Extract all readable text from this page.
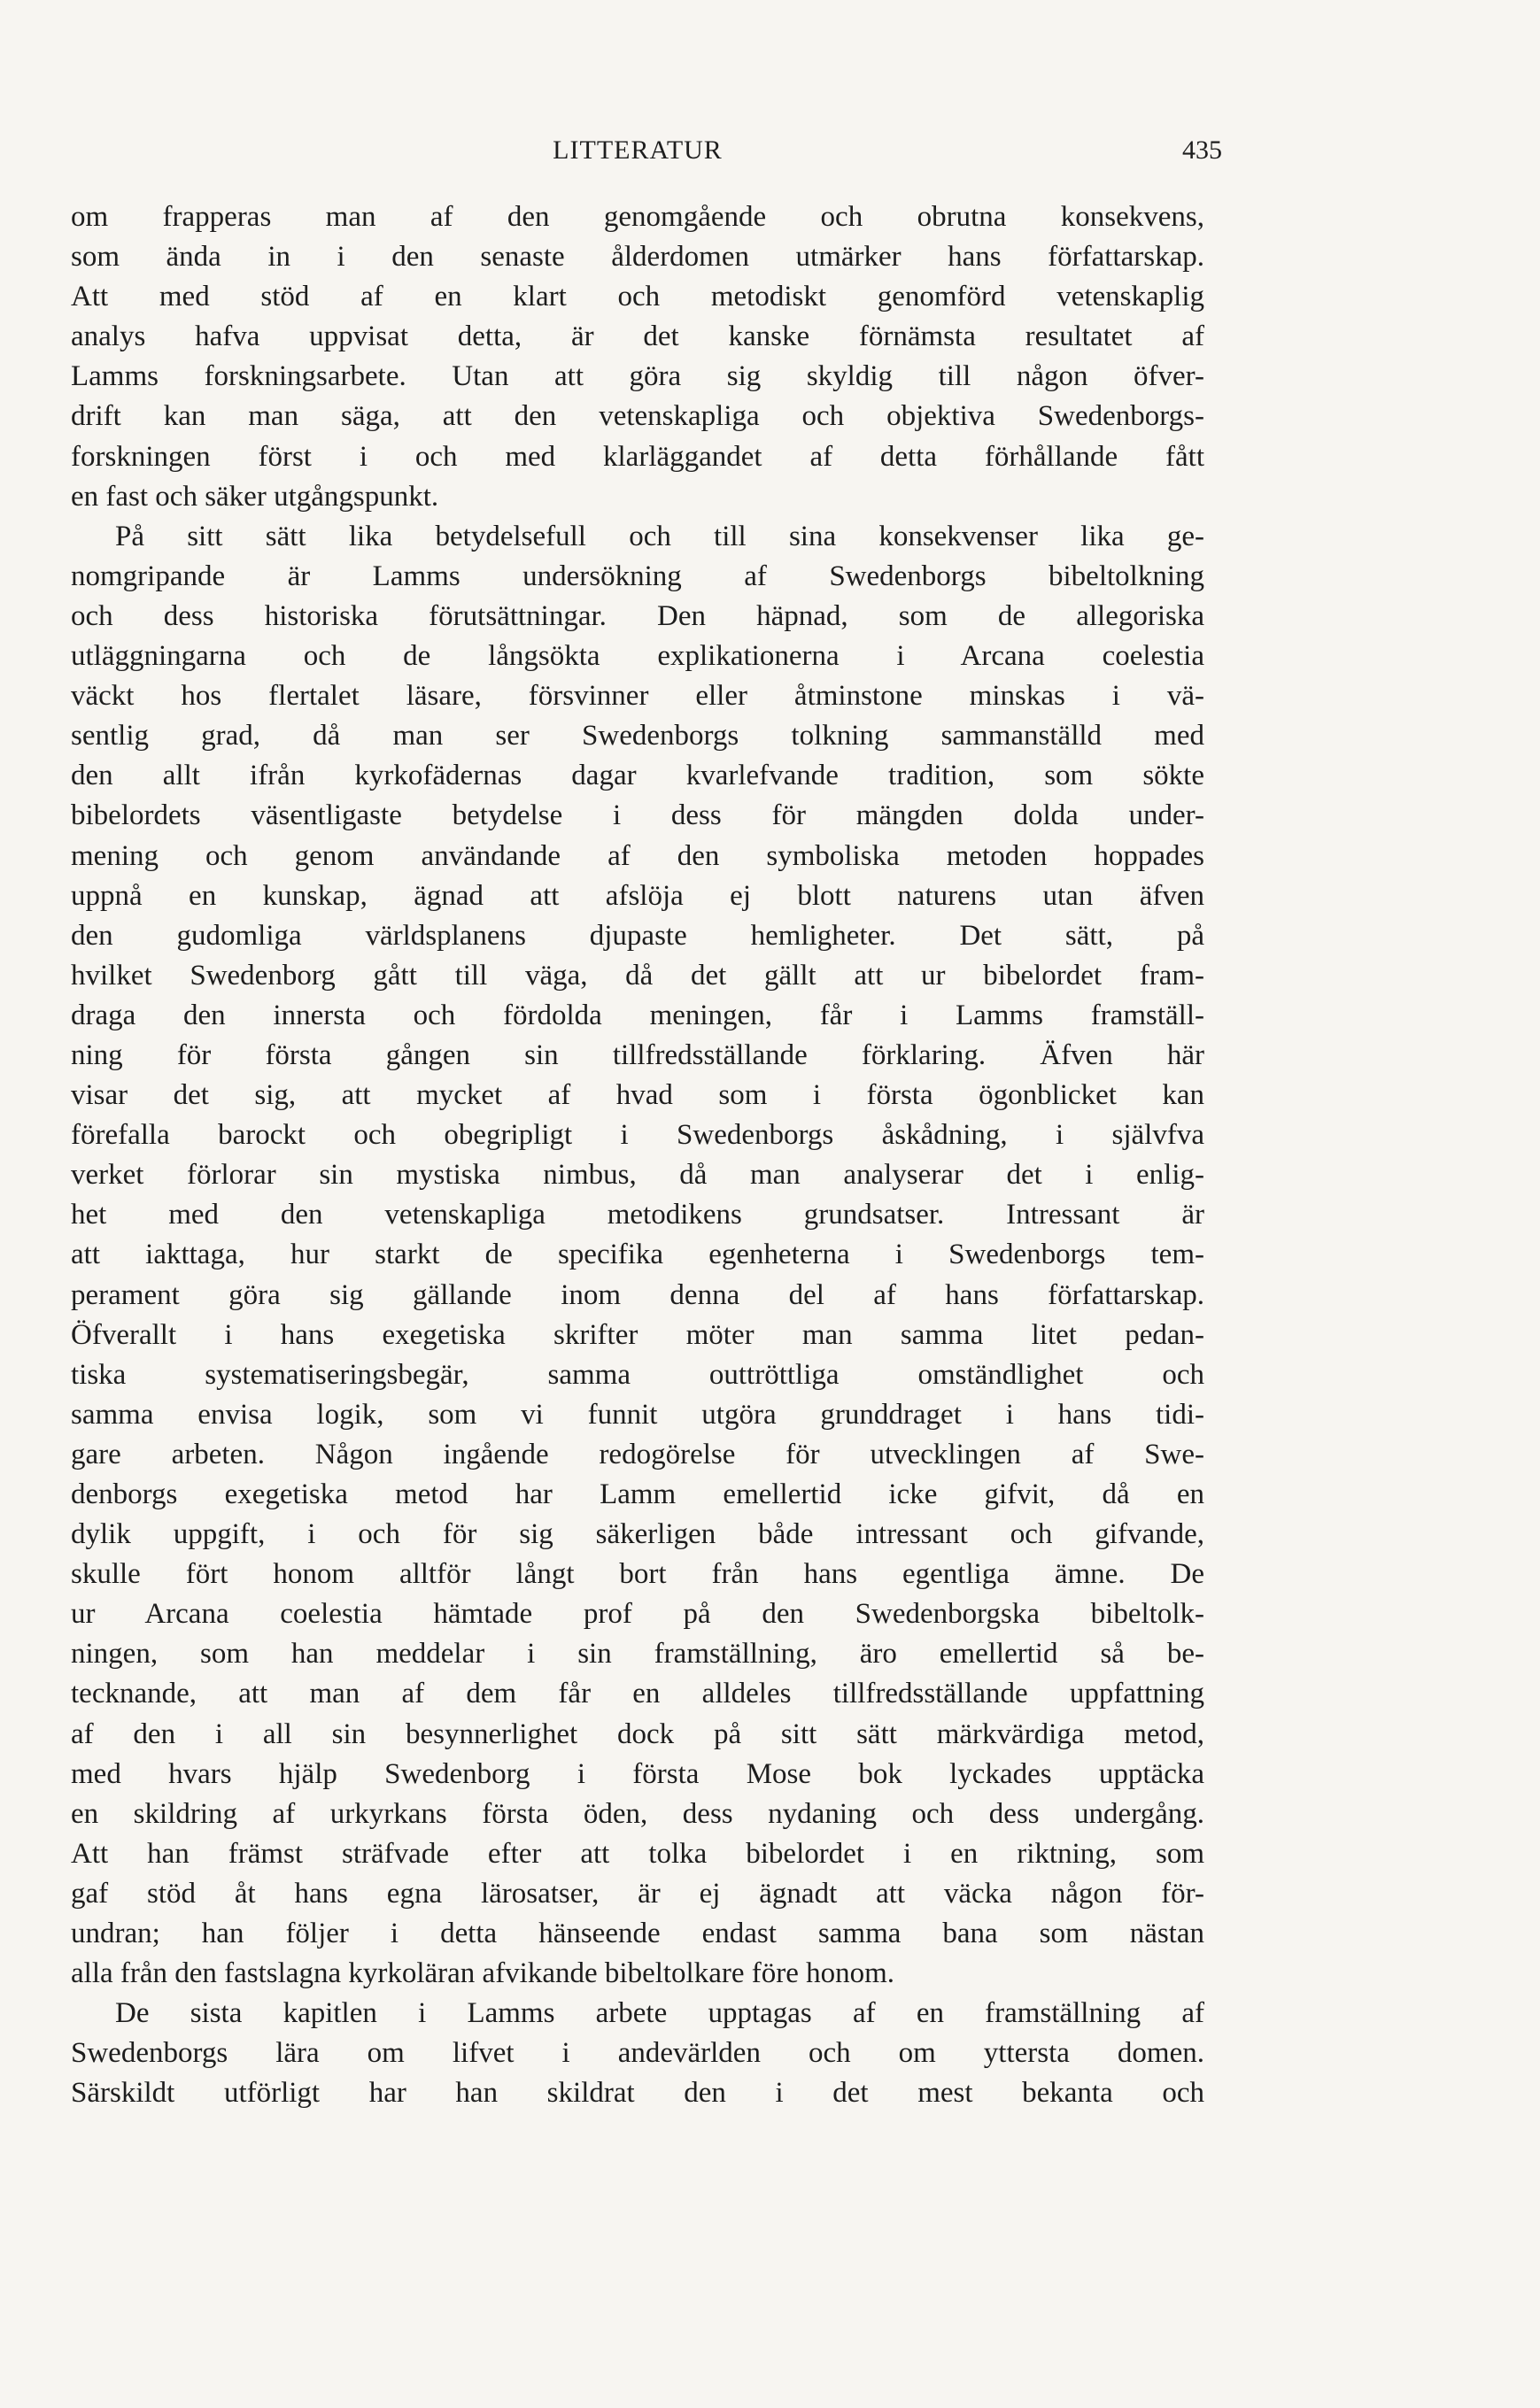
LITTERATUR	435
om frapperas man af den genomgående och obrutna konsekvens,
som ända in i den senaste ålderdomen utmärker hans författarskap.
Att med stöd af en klart och metodiskt genomförd vetenskaplig
analys hafva uppvisat detta, är det kanske förnämsta resultatet af
Lamms forskningsarbete. Utan att göra sig skyldig till någon öfver-
drift kan man säga, att den vetenskapliga och objektiva Swedenborgs-
forskningen först i och med klarläggandet af detta förhållande fått
en fast och säker utgångspunkt.
På sitt sätt lika betydelsefull och till sina konsekvenser lika ge-
nomgripande är Lamms undersökning af Swedenborgs bibeltolkning
och dess historiska förutsättningar. Den häpnad, som de allegoriska
utläggningarna och de långsökta explikationerna i Arcana coelestia
väckt hos flertalet läsare, försvinner eller åtminstone minskas i vä-
sentlig grad, då man ser Swedenborgs tolkning sammanställd med
den allt ifrån kyrkofädernas dagar kvarlefvande tradition, som sökte
bibelordets väsentligaste betydelse i dess för mängden dolda under-
mening och genom användande af den symboliska metoden hoppades
uppnå en kunskap, ägnad att afslöja ej blott naturens utan äfven
den gudomliga världsplanens djupaste hemligheter. Det sätt, på
hvilket Swedenborg gått till väga, då det gällt att ur bibelordet fram-
draga den innersta och fördolda meningen, får i Lamms framställ-
ning för första gången sin tillfredsställande förklaring. Äfven här
visar det sig, att mycket af hvad som i första ögonblicket kan
förefalla barockt och obegripligt i Swedenborgs åskådning, i självfva
verket förlorar sin mystiska nimbus, då man analyserar det i enlig-
het med den vetenskapliga metodikens grundsatser. Intressant är
att iakttaga, hur starkt de specifika egenheterna i Swedenborgs tem-
perament göra sig gällande inom denna del af hans författarskap.
Öfverallt i hans exegetiska skrifter möter man samma litet pedan-
tiska systematiseringsbegär, samma outtröttliga omständlighet och
samma envisa logik, som vi funnit utgöra grunddraget i hans tidi-
gare arbeten. Någon ingående redogörelse för utvecklingen af Swe-
denborgs exegetiska metod har Lamm emellertid icke gifvit, då en
dylik uppgift, i och för sig säkerligen både intressant och gifvande,
skulle fört honom alltför långt bort från hans egentliga ämne. De
ur Arcana coelestia hämtade prof på den Swedenborgska bibeltolk-
ningen, som han meddelar i sin framställning, äro emellertid så be-
tecknande, att man af dem får en alldeles tillfredsställande uppfattning
af den i all sin besynnerlighet dock på sitt sätt märkvärdiga metod,
med hvars hjälp Swedenborg i första Mose bok lyckades upptäcka
en skildring af urkyrkans första öden, dess nydaning och dess undergång.
Att han främst sträfvade efter att tolka bibelordet i en riktning, som
gaf stöd åt hans egna lärosatser, är ej ägnadt att väcka någon för-
undran; han följer i detta hänseende endast samma bana som nästan
alla från den fastslagna kyrkoläran afvikande bibeltolkare före honom.
De sista kapitlen i Lamms arbete upptagas af en framställning af
Swedenborgs lära om lifvet i andevärlden och om yttersta domen.
Särskildt utförligt har han skildrat den i det mest bekanta och
